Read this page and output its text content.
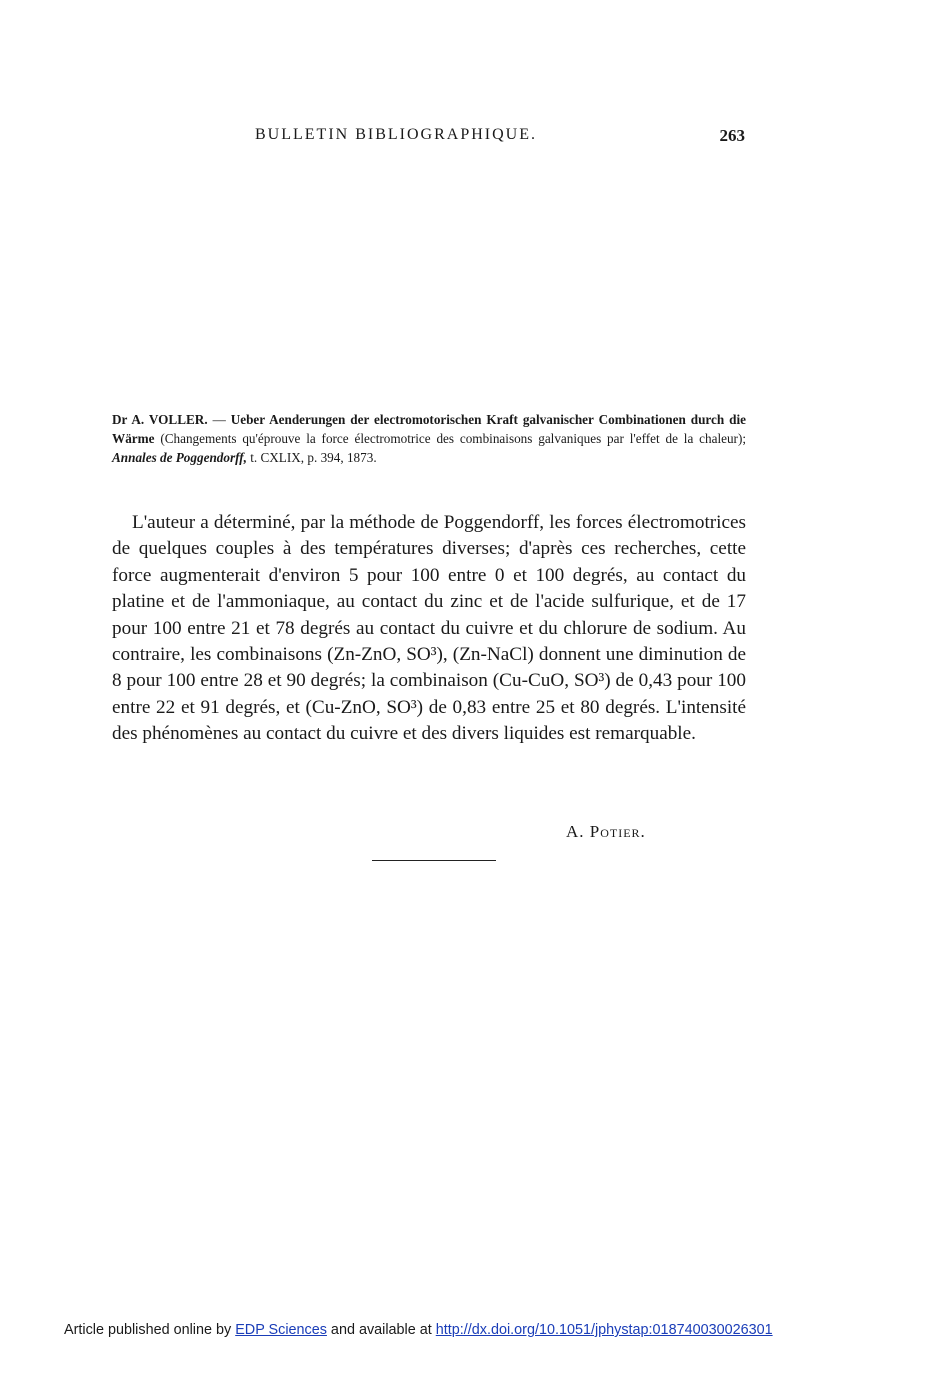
BULLETIN BIBLIOGRAPHIQUE.	263
Dr A. VOLLER. — Ueber Aenderungen der electromotorischen Kraft galvanischer Combinationen durch die Wärme (Changements qu'éprouve la force électromotrice des combinaisons galvaniques par l'effet de la chaleur); Annales de Poggendorff, t. CXLIX, p. 394, 1873.

L'auteur a déterminé, par la méthode de Poggendorff, les forces électromotrices de quelques couples à des températures diverses; d'après ces recherches, cette force augmenterait d'environ 5 pour 100 entre 0 et 100 degrés, au contact du platine et de l'ammoniaque, au contact du zinc et de l'acide sulfurique, et de 17 pour 100 entre 21 et 78 degrés au contact du cuivre et du chlorure de sodium. Au contraire, les combinaisons (Zn-ZnO, SO³), (Zn-NaCl) donnent une diminution de 8 pour 100 entre 28 et 90 degrés; la combinaison (Cu-CuO, SO³) de 0,43 pour 100 entre 22 et 91 degrés, et (Cu-ZnO, SO³) de 0,83 entre 25 et 80 degrés. L'intensité des phénomènes au contact du cuivre et des divers liquides est remarquable.

A. Potier.
Article published online by EDP Sciences and available at http://dx.doi.org/10.1051/jphystap:018740030026301
